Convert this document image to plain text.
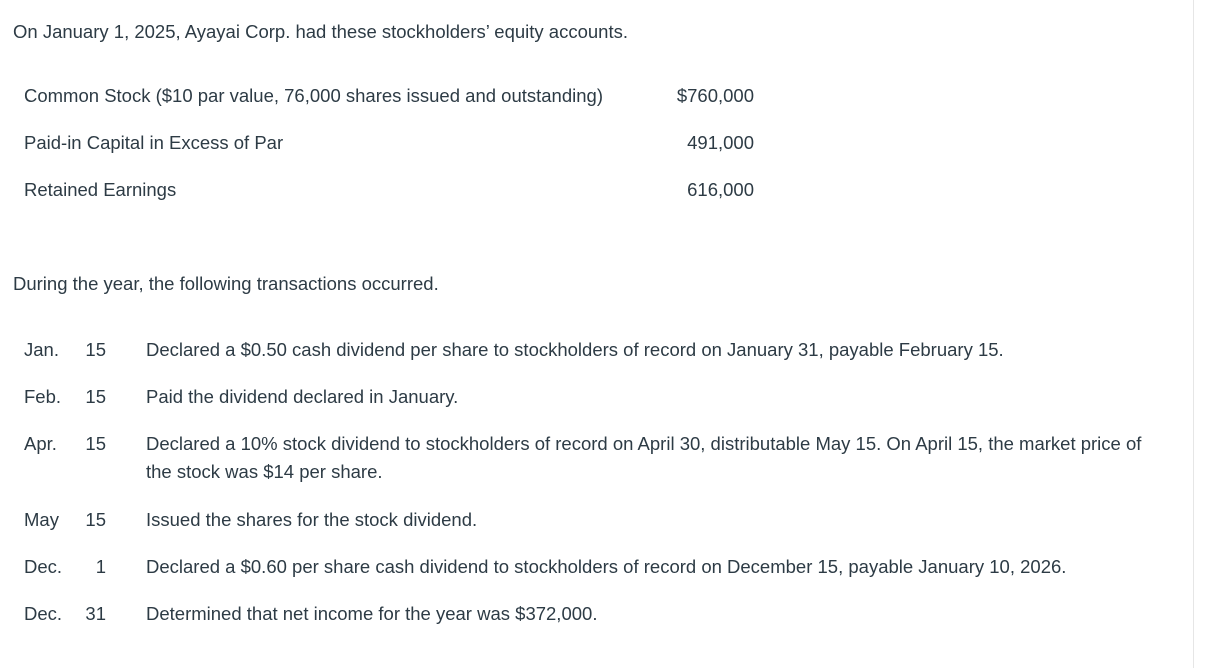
On January 1, 2025, Ayayai Corp. had these stockholders’ equity accounts.

Common Stock ($10 par value, 76,000 shares issued and outstanding)	$760,000
Paid-in Capital in Excess of Par	491,000
Retained Earnings	616,000

During the year, the following transactions occurred.

Jan.	15 Declared a $0.50 cash dividend per share to stockholders of record on January 31, payable February 15.
Feb.	15 Paid the dividend declared in January.
Apr.	15 Declared a 10% stock dividend to stockholders of record on April 30, distributable May 15. On April 15, the market price of the stock was $14 per share.
May	15 Issued the shares for the stock dividend.
Dec.	1 Declared a $0.60 per share cash dividend to stockholders of record on December 15, payable January 10, 2026.
Dec.	31 Determined that net income for the year was $372,000.
